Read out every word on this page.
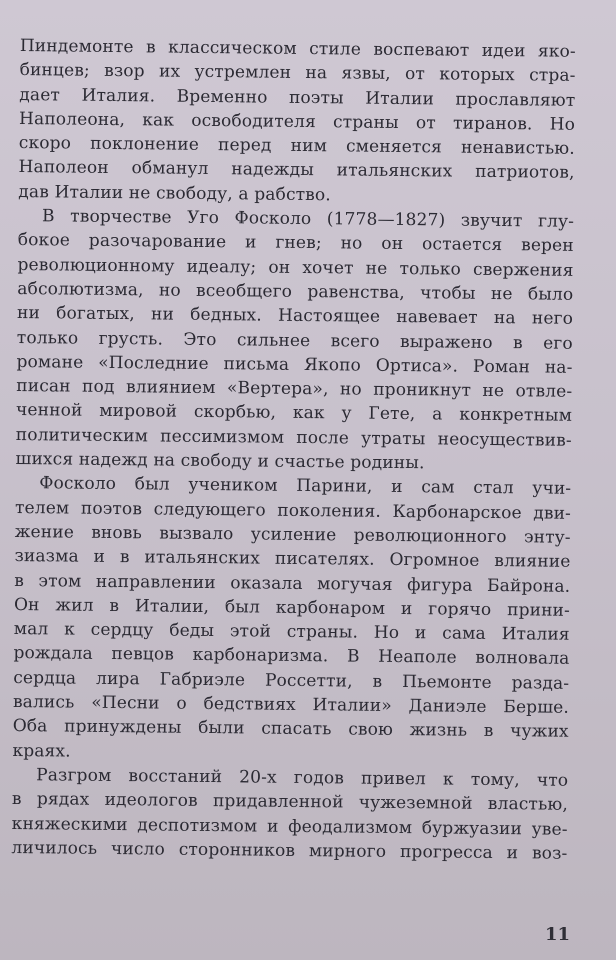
Пиндемонте в классическом стиле воспевают идеи яко-
бинцев; взор их устремлен на язвы, от которых стра-
дает Италия. Временно поэты Италии прославляют
Наполеона, как освободителя страны от тиранов. Но
скоро поклонение перед ним сменяется ненавистью.
Наполеон обманул надежды итальянских патриотов,
дав Италии не свободу, а рабство.
В творчестве Уго Фосколо (1778—1827) звучит глу-
бокое разочарование и гнев; но он остается верен
революционному идеалу; он хочет не только свержения
абсолютизма, но всеобщего равенства, чтобы не было
ни богатых, ни бедных. Настоящее навевает на него
только грусть. Это сильнее всего выражено в его
романе «Последние письма Якопо Ортиса». Роман на-
писан под влиянием «Вертера», но проникнут не отвле-
ченной мировой скорбью, как у Гете, а конкретным
политическим пессимизмом после утраты неосуществив-
шихся надежд на свободу и счастье родины.
Фосколо был учеником Парини, и сам стал учи-
телем поэтов следующего поколения. Карбонарское дви-
жение вновь вызвало усиление революционного энту-
зиазма и в итальянских писателях. Огромное влияние
в этом направлении оказала могучая фигура Байрона.
Он жил в Италии, был карбонаром и горячо прини-
мал к сердцу беды этой страны. Но и сама Италия
рождала певцов карбонаризма. В Неаполе волновала
сердца лира Габриэле Россетти, в Пьемонте разда-
вались «Песни о бедствиях Италии» Даниэле Берше.
Оба принуждены были спасать свою жизнь в чужих
краях.
Разгром восстаний 20-х годов привел к тому, что
в рядах идеологов придавленной чужеземной властью,
княжескими деспотизмом и феодализмом буржуазии уве-
личилось число сторонников мирного прогресса и воз-
11
